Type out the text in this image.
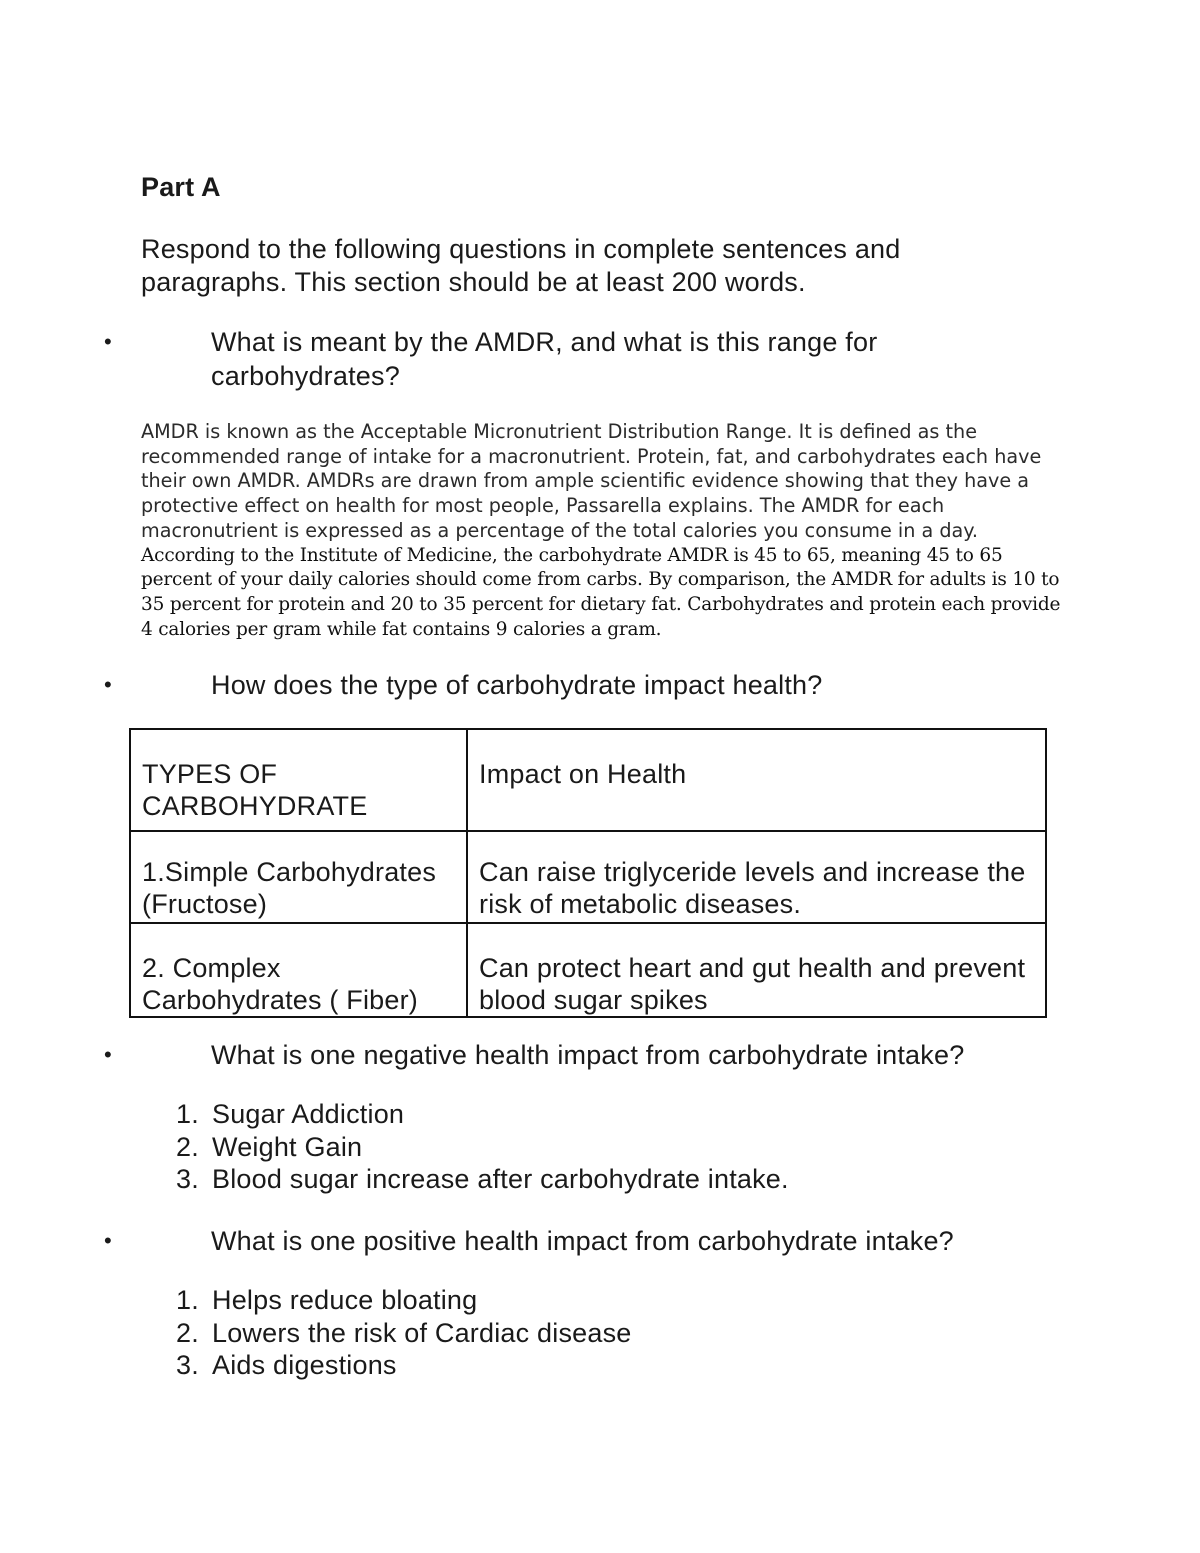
Part A
Respond to the following questions in complete sentences and paragraphs. This section should be at least 200 words.
•	What is meant by the AMDR, and what is this range for carbohydrates?
AMDR is known as the Acceptable Micronutrient Distribution Range. It is defined as the recommended range of intake for a macronutrient. Protein, fat, and carbohydrates each have their own AMDR. AMDRs are drawn from ample scientific evidence showing that they have a protective effect on health for most people, Passarella explains. The AMDR for each macronutrient is expressed as a percentage of the total calories you consume in a day.
According to the Institute of Medicine, the carbohydrate AMDR is 45 to 65, meaning 45 to 65 percent of your daily calories should come from carbs. By comparison, the AMDR for adults is 10 to 35 percent for protein and 20 to 35 percent for dietary fat. Carbohydrates and protein each provide 4 calories per gram while fat contains 9 calories a gram.
•	How does the type of carbohydrate impact health?
TYPES OF CARBOHYDRATE	Impact on Health
1.Simple Carbohydrates (Fructose)	Can raise triglyceride levels and increase the risk of metabolic diseases.
2. Complex Carbohydrates ( Fiber)	Can protect heart and gut health and prevent blood sugar spikes
•	What is one negative health impact from carbohydrate intake?
1. Sugar Addiction
2. Weight Gain
3. Blood sugar increase after carbohydrate intake.
•	What is one positive health impact from carbohydrate intake?
1. Helps reduce bloating
2. Lowers the risk of Cardiac disease
3. Aids digestions
